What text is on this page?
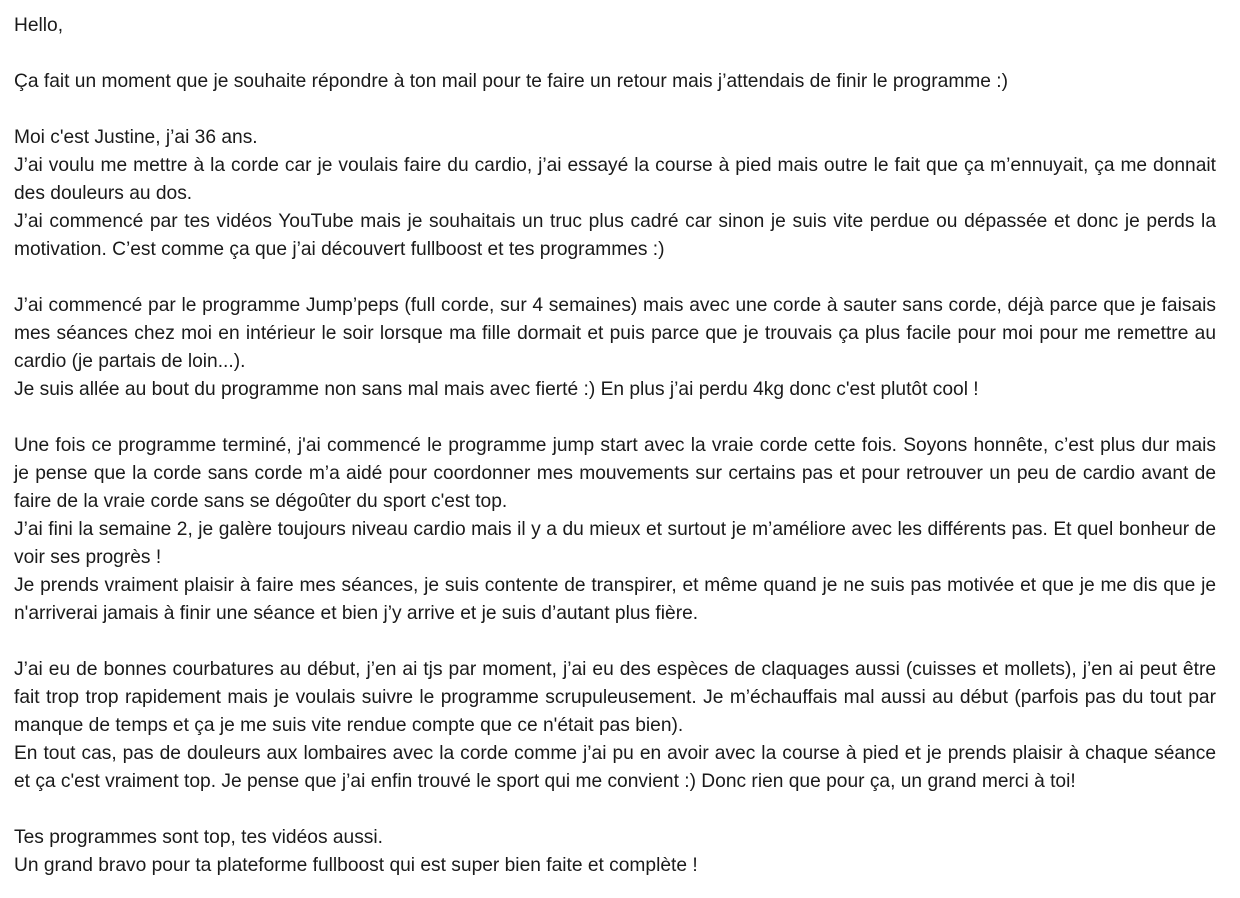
Hello,
Ça fait un moment que je souhaite répondre à ton mail pour te faire un retour mais j’attendais de finir le programme :)
Moi c'est Justine, j’ai 36 ans.
J’ai voulu me mettre à la corde car je voulais faire du cardio, j’ai essayé la course à pied mais outre le fait que ça m’ennuyait, ça me donnait des douleurs au dos.
J’ai commencé par tes vidéos YouTube mais je souhaitais un truc plus cadré car sinon je suis vite perdue ou dépassée et donc je perds la motivation. C’est comme ça que j’ai découvert fullboost et tes programmes :)
J’ai commencé par le programme Jump’peps (full corde, sur 4 semaines) mais avec une corde à sauter sans corde, déjà parce que je faisais mes séances chez moi en intérieur le soir lorsque ma fille dormait et puis parce que je trouvais ça plus facile pour moi pour me remettre au cardio (je partais de loin...).
Je suis allée au bout du programme non sans mal mais avec fierté :) En plus j’ai perdu 4kg donc c'est plutôt cool !
Une fois ce programme terminé, j'ai commencé le programme jump start avec la vraie corde cette fois. Soyons honnête, c’est plus dur mais je pense que la corde sans corde m’a aidé pour coordonner mes mouvements sur certains pas et pour retrouver un peu de cardio avant de faire de la vraie corde sans se dégoûter du sport c'est top.
J’ai fini la semaine 2, je galère toujours niveau cardio mais il y a du mieux et surtout je m’améliore avec les différents pas. Et quel bonheur de voir ses progrès !
Je prends vraiment plaisir à faire mes séances, je suis contente de transpirer, et même quand je ne suis pas motivée et que je me dis que je n'arriverai jamais à finir une séance et bien j’y arrive et je suis d’autant plus fière.
J’ai eu de bonnes courbatures au début, j’en ai tjs par moment, j’ai eu des espèces de claquages aussi (cuisses et mollets), j’en ai peut être fait trop trop rapidement mais je voulais suivre le programme scrupuleusement. Je m’échauffais mal aussi au début (parfois pas du tout par manque de temps et ça je me suis vite rendue compte que ce n'était pas bien).
En tout cas, pas de douleurs aux lombaires avec la corde comme j’ai pu en avoir avec la course à pied et je prends plaisir à chaque séance et ça c'est vraiment top. Je pense que j’ai enfin trouvé le sport qui me convient :) Donc rien que pour ça, un grand merci à toi!
Tes programmes sont top, tes vidéos aussi.
Un grand bravo pour ta plateforme fullboost qui est super bien faite et complète !
